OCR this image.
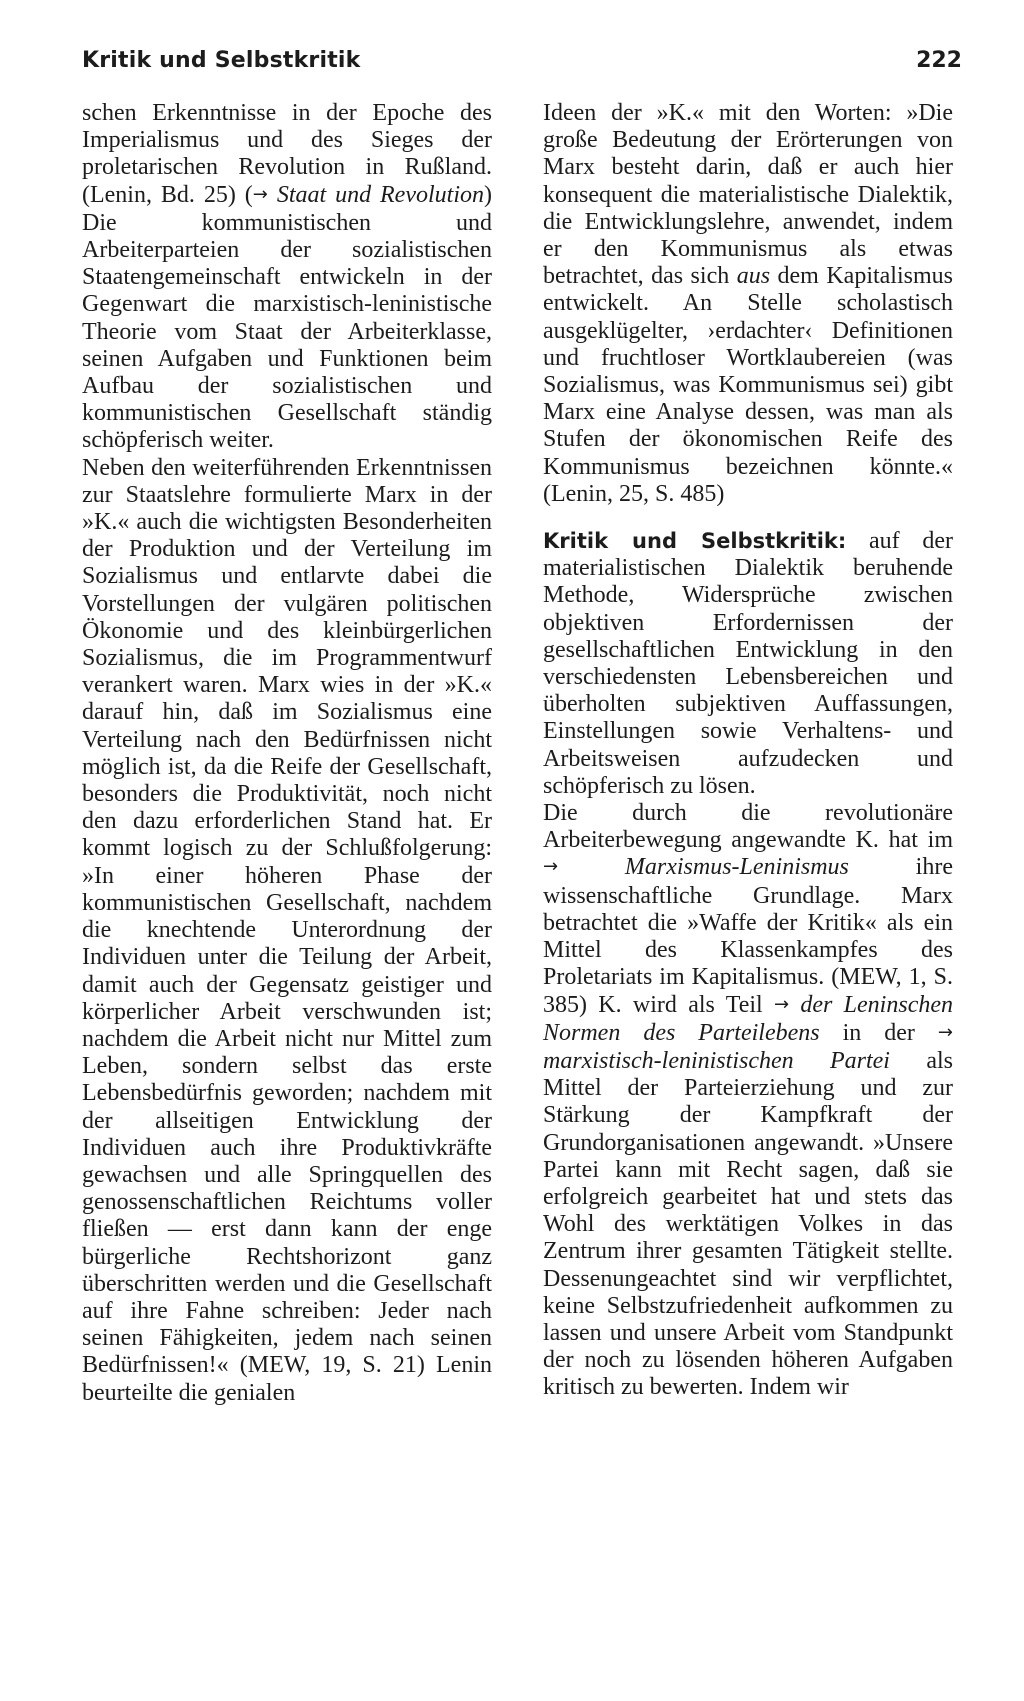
Kritik und Selbstkritik	222

schen Erkenntnisse in der Epoche des Imperialismus und des Sieges der proletarischen Revolution in Rußland. (Lenin, Bd. 25) (→ Staat und Revolution) Die kommunistischen und Arbeiterparteien der sozialistischen Staatengemeinschaft entwickeln in der Gegenwart die marxistisch-leninistische Theorie vom Staat der Arbeiterklasse, seinen Aufgaben und Funktionen beim Aufbau der sozialistischen und kommunistischen Gesellschaft ständig schöpferisch weiter.

Neben den weiterführenden Erkenntnissen zur Staatslehre formulierte Marx in der »K.« auch die wichtigsten Besonderheiten der Produktion und der Verteilung im Sozialismus und entlarvte dabei die Vorstellungen der vulgären politischen Ökonomie und des kleinbürgerlichen Sozialismus, die im Programmentwurf verankert waren. Marx wies in der »K.« darauf hin, daß im Sozialismus eine Verteilung nach den Bedürfnissen nicht möglich ist, da die Reife der Gesellschaft, besonders die Produktivität, noch nicht den dazu erforderlichen Stand hat. Er kommt logisch zu der Schlußfolgerung: »In einer höheren Phase der kommunistischen Gesellschaft, nachdem die knechtende Unterordnung der Individuen unter die Teilung der Arbeit, damit auch der Gegensatz geistiger und körperlicher Arbeit verschwunden ist; nachdem die Arbeit nicht nur Mittel zum Leben, sondern selbst das erste Lebensbedürfnis geworden; nachdem mit der allseitigen Entwicklung der Individuen auch ihre Produktivkräfte gewachsen und alle Springquellen des genossenschaftlichen Reichtums voller fließen — erst dann kann der enge bürgerliche Rechtshorizont ganz überschritten werden und die Gesellschaft auf ihre Fahne schreiben: Jeder nach seinen Fähigkeiten, jedem nach seinen Bedürfnissen!« (MEW, 19, S. 21) Lenin beurteilte die genialen

Ideen der »K.« mit den Worten: »Die große Bedeutung der Erörterungen von Marx besteht darin, daß er auch hier konsequent die materialistische Dialektik, die Entwicklungslehre, anwendet, indem er den Kommunismus als etwas betrachtet, das sich aus dem Kapitalismus entwickelt. An Stelle scholastisch ausgeklügelter, ›erdachter‹ Definitionen und fruchtloser Wortklaubereien (was Sozialismus, was Kommunismus sei) gibt Marx eine Analyse dessen, was man als Stufen der ökonomischen Reife des Kommunismus bezeichnen könnte.« (Lenin, 25, S. 485)

Kritik und Selbstkritik: auf der materialistischen Dialektik beruhende Methode, Widersprüche zwischen objektiven Erfordernissen der gesellschaftlichen Entwicklung in den verschiedensten Lebensbereichen und überholten subjektiven Auffassungen, Einstellungen sowie Verhaltens- und Arbeitsweisen aufzudecken und schöpferisch zu lösen.

Die durch die revolutionäre Arbeiterbewegung angewandte K. hat im → Marxismus-Leninismus ihre wissenschaftliche Grundlage. Marx betrachtet die »Waffe der Kritik« als ein Mittel des Klassenkampfes des Proletariats im Kapitalismus. (MEW, 1, S. 385) K. wird als Teil → der Leninschen Normen des Parteilebens in der → marxistisch-leninistischen Partei als Mittel der Parteierziehung und zur Stärkung der Kampfkraft der Grundorganisationen angewandt. »Unsere Partei kann mit Recht sagen, daß sie erfolgreich gearbeitet hat und stets das Wohl des werktätigen Volkes in das Zentrum ihrer gesamten Tätigkeit stellte. Dessenungeachtet sind wir verpflichtet, keine Selbstzufriedenheit aufkommen zu lassen und unsere Arbeit vom Standpunkt der noch zu lösenden höheren Aufgaben kritisch zu bewerten. Indem wir
